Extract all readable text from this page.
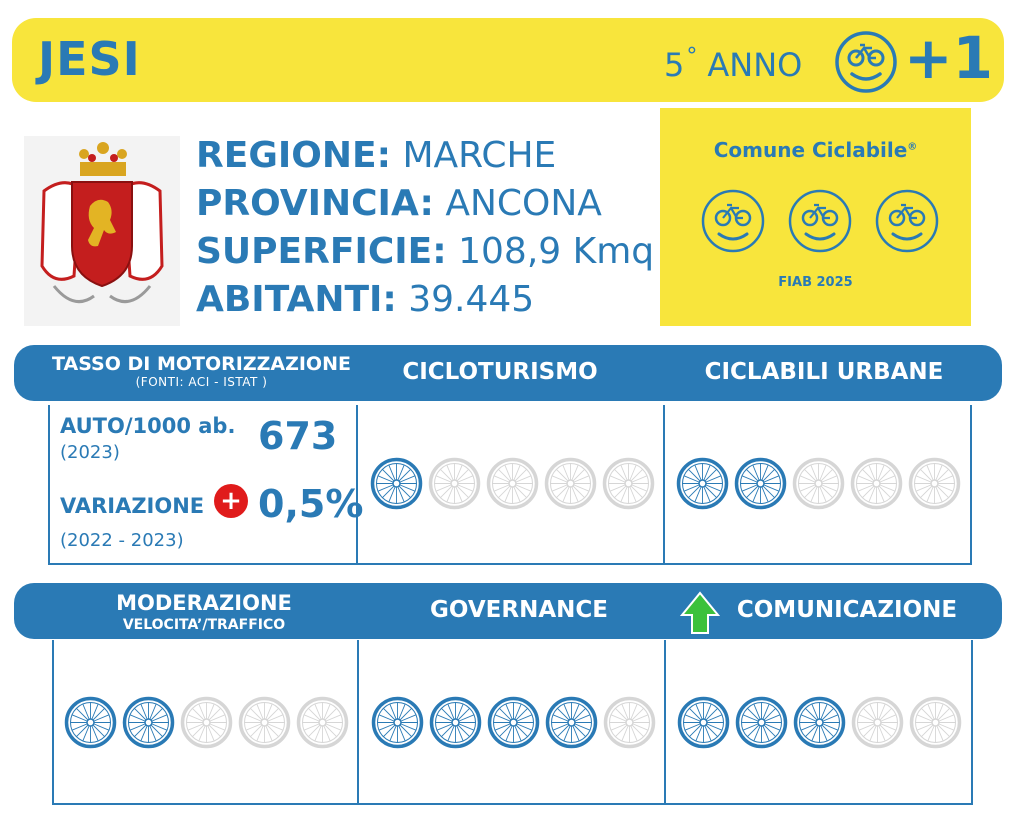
JESI	5° ANNO +1
REGIONE: MARCHE
PROVINCIA: ANCONA
SUPERFICIE: 108,9 Kmq
ABITANTI: 39.445
Comune Ciclabile®
FIAB 2025
TASSO DI MOTORIZZAZIONE
(FONTI: ACI - ISTAT )	CICLOTURISMO	CICLABILI URBANE
AUTO/1000 ab.
(2023)	673
VARIAZIONE + 0,5%
(2022 - 2023)
MODERAZIONE
VELOCITA’/TRAFFICO
GOVERNANCE	COMUNICAZIONE
